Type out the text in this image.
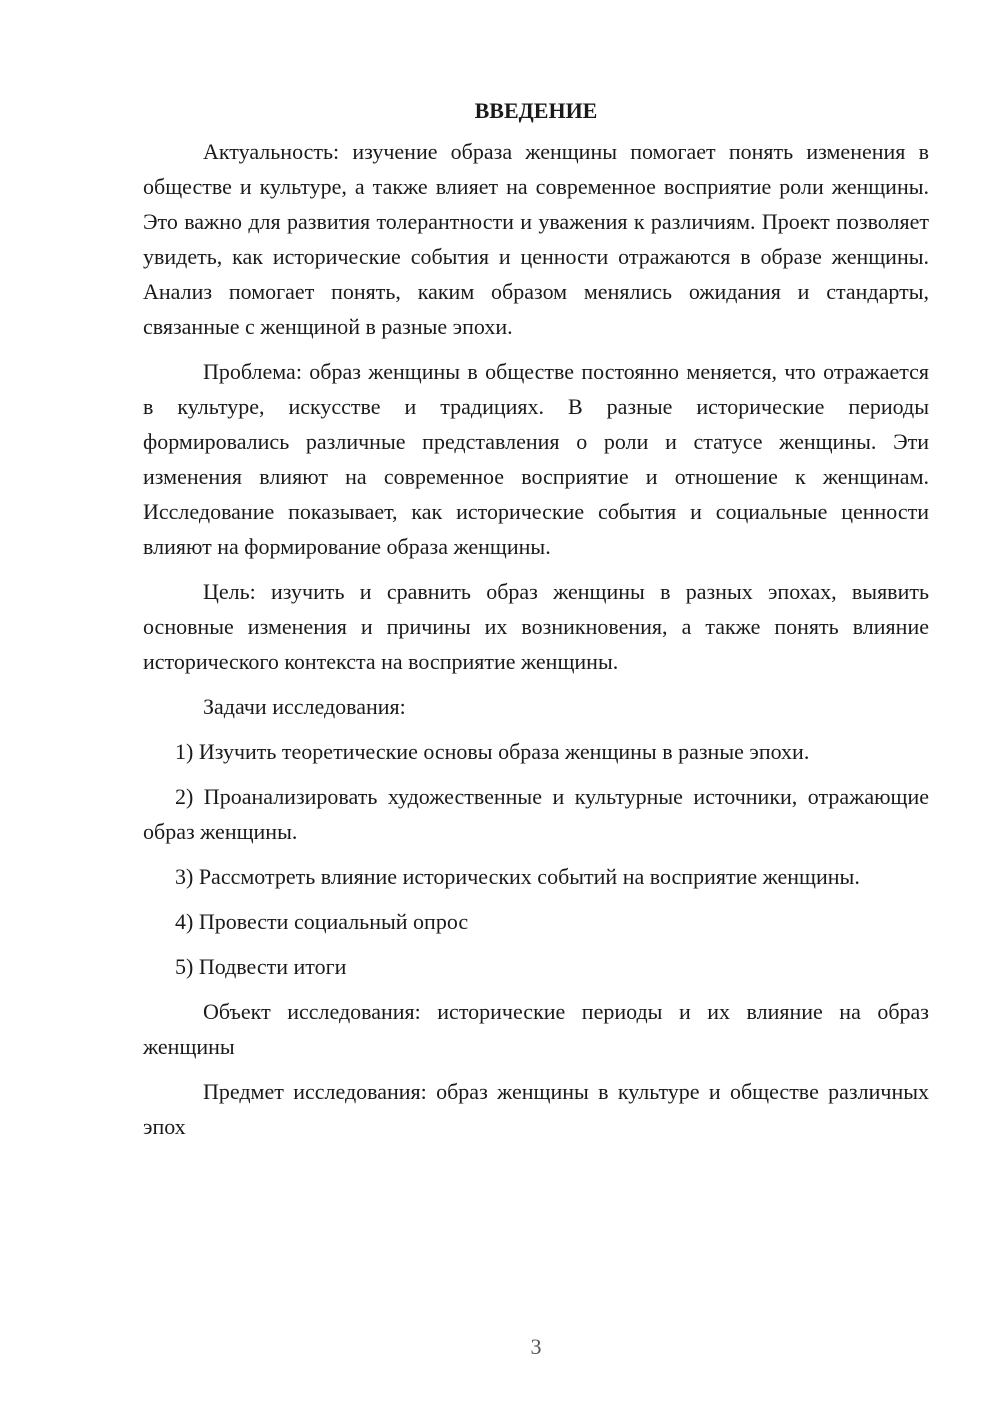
ВВЕДЕНИЕ

Актуальность: изучение образа женщины помогает понять изменения в обществе и культуре, а также влияет на современное восприятие роли женщины. Это важно для развития толерантности и уважения к различиям. Проект позволяет увидеть, как исторические события и ценности отражаются в образе женщины. Анализ помогает понять, каким образом менялись ожидания и стандарты, связанные с женщиной в разные эпохи.

Проблема: образ женщины в обществе постоянно меняется, что отражается в культуре, искусстве и традициях. В разные исторические периоды формировались различные представления о роли и статусе женщины. Эти изменения влияют на современное восприятие и отношение к женщинам. Исследование показывает, как исторические события и социальные ценности влияют на формирование образа женщины.

Цель: изучить и сравнить образ женщины в разных эпохах, выявить основные изменения и причины их возникновения, а также понять влияние исторического контекста на восприятие женщины.

Задачи исследования:

1) Изучить теоретические основы образа женщины в разные эпохи.

2) Проанализировать художественные и культурные источники, отражающие образ женщины.

3) Рассмотреть влияние исторических событий на восприятие женщины.

4) Провести социальный опрос

5) Подвести итоги

Объект исследования: исторические периоды и их влияние на образ женщины

Предмет исследования: образ женщины в культуре и обществе различных эпох

3
